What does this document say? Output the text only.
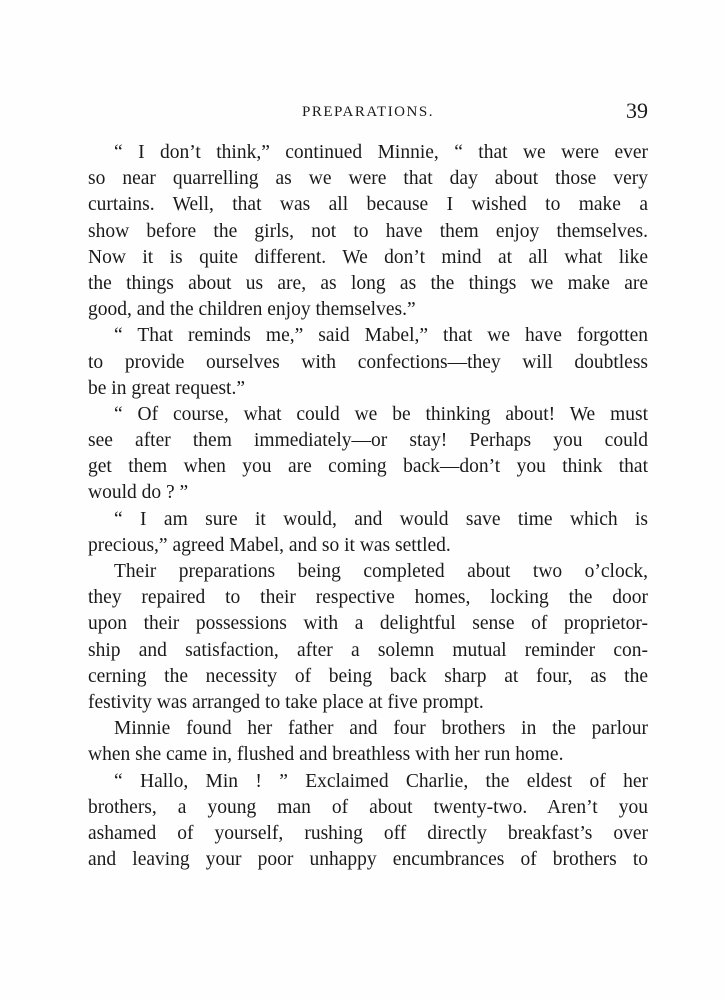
PREPARATIONS.	39
“ I don’t think,” continued Minnie, “ that we were ever
so near quarrelling as we were that day about those very
curtains. Well, that was all because I wished to make a
show before the girls, not to have them enjoy themselves.
Now it is quite different. We don’t mind at all what like
the things about us are, as long as the things we make are
good, and the children enjoy themselves.”
“ That reminds me,” said Mabel,” that we have forgotten
to provide ourselves with confections—they will doubtless
be in great request.”
“ Of course, what could we be thinking about! We must
see after them immediately—or stay! Perhaps you could
get them when you are coming back—don’t you think that
would do ? ”
“ I am sure it would, and would save time which is
precious,” agreed Mabel, and so it was settled.
Their preparations being completed about two o’clock,
they repaired to their respective homes, locking the door
upon their possessions with a delightful sense of proprietor-
ship and satisfaction, after a solemn mutual reminder con-
cerning the necessity of being back sharp at four, as the
festivity was arranged to take place at five prompt.
Minnie found her father and four brothers in the parlour
when she came in, flushed and breathless with her run home.
“ Hallo, Min ! ” Exclaimed Charlie, the eldest of her
brothers, a young man of about twenty-two. Aren’t you
ashamed of yourself, rushing off directly breakfast’s over
and leaving your poor unhappy encumbrances of brothers to
